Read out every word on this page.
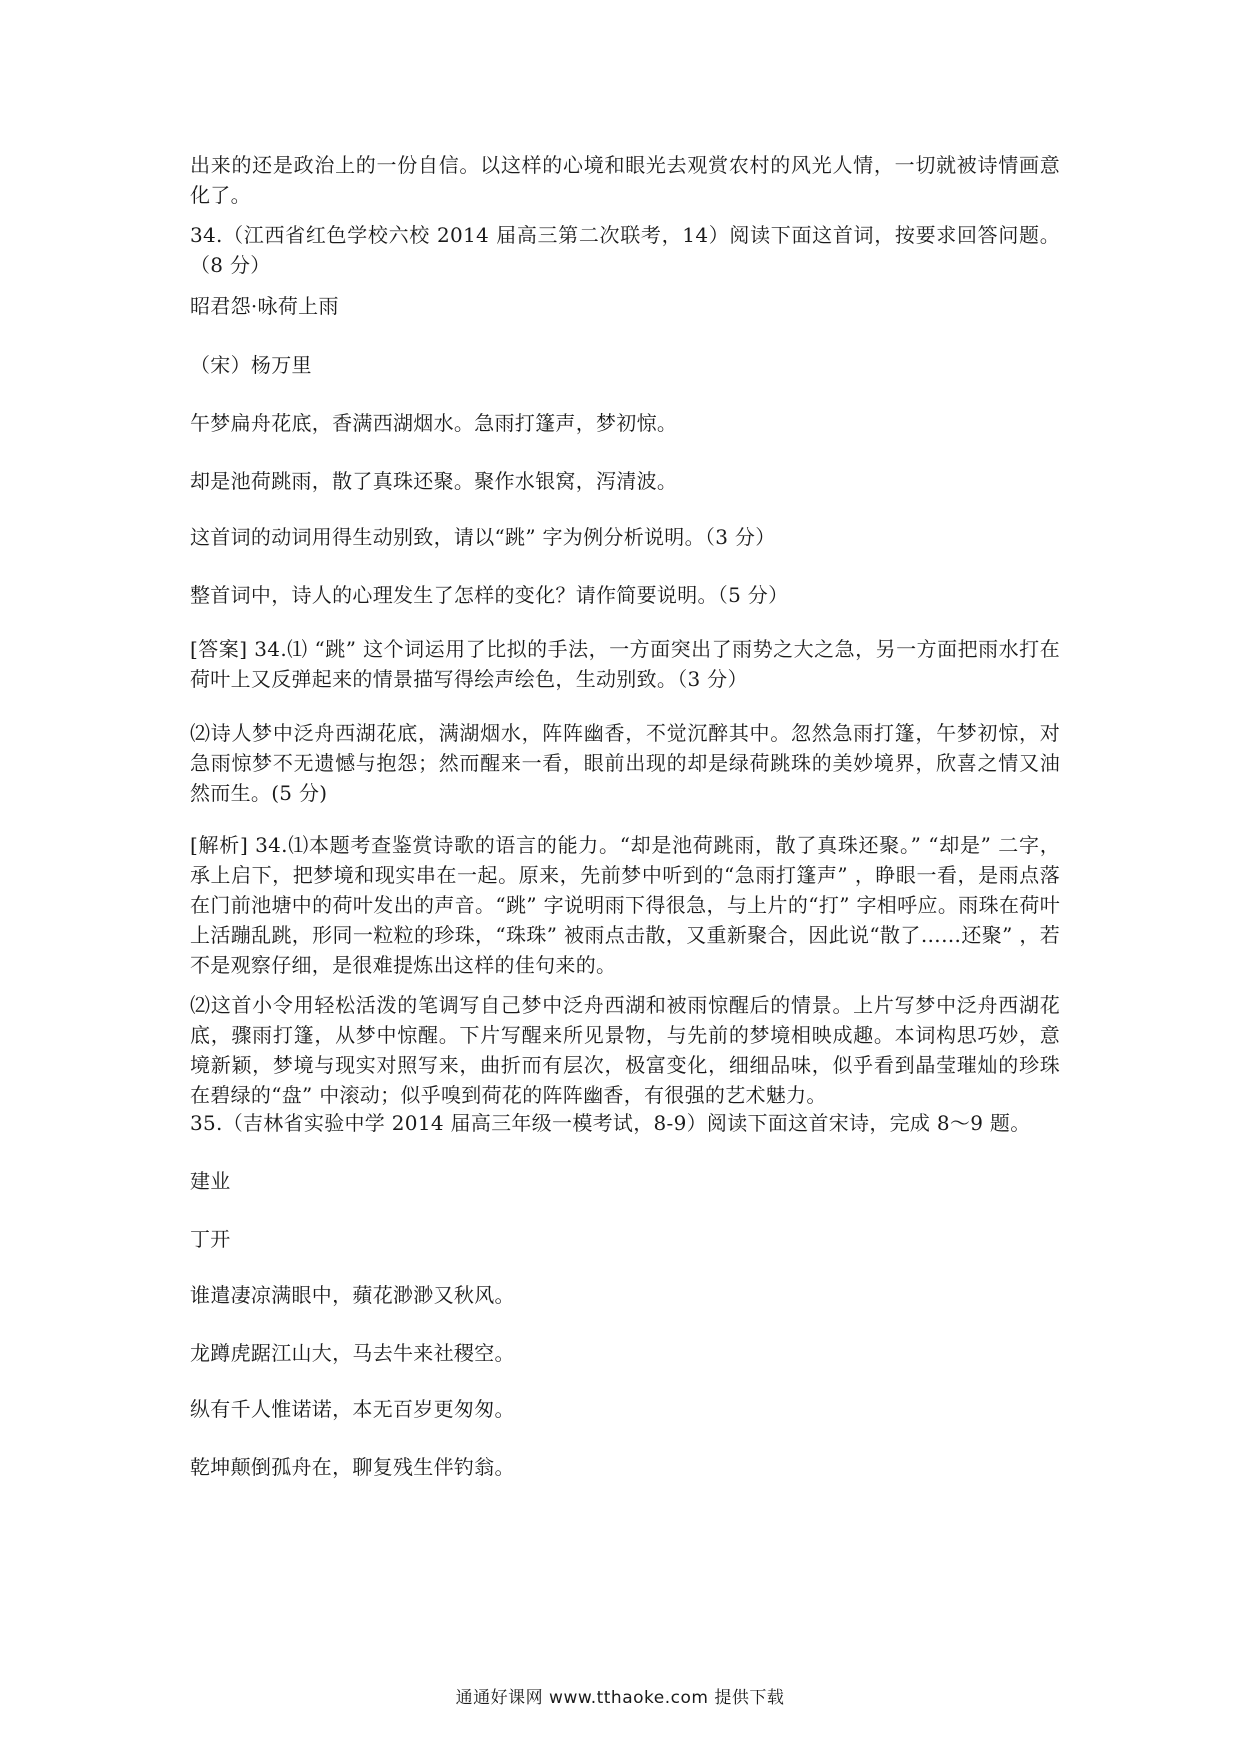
出来的还是政治上的一份自信。以这样的心境和眼光去观赏农村的风光人情，一切就被诗情画意化了。

34.（江西省红色学校六校 2014 届高三第二次联考，14）阅读下面这首词，按要求回答问题。（8 分）

昭君怨·咏荷上雨

（宋）杨万里

午梦扁舟花底，香满西湖烟水。急雨打篷声，梦初惊。

却是池荷跳雨，散了真珠还聚。聚作水银窝，泻清波。

这首词的动词用得生动别致，请以“跳” 字为例分析说明。（3 分）

整首词中，诗人的心理发生了怎样的变化？请作简要说明。（5 分）

[答案] 34.⑴ “跳” 这个词运用了比拟的手法，一方面突出了雨势之大之急，另一方面把雨水打在荷叶上又反弹起来的情景描写得绘声绘色，生动别致。（3 分）

⑵诗人梦中泛舟西湖花底，满湖烟水，阵阵幽香，不觉沉醉其中。忽然急雨打篷，午梦初惊，对急雨惊梦不无遗憾与抱怨；然而醒来一看，眼前出现的却是绿荷跳珠的美妙境界，欣喜之情又油然而生。(5 分)

[解析] 34.⑴本题考查鉴赏诗歌的语言的能力。“却是池荷跳雨，散了真珠还聚。” “却是” 二字，承上启下，把梦境和现实串在一起。原来，先前梦中听到的“急雨打篷声” ，睁眼一看，是雨点落在门前池塘中的荷叶发出的声音。“跳” 字说明雨下得很急，与上片的“打” 字相呼应。雨珠在荷叶上活蹦乱跳，形同一粒粒的珍珠，“珠珠” 被雨点击散，又重新聚合，因此说“散了……还聚” ，若不是观察仔细，是很难提炼出这样的佳句来的。

⑵这首小令用轻松活泼的笔调写自己梦中泛舟西湖和被雨惊醒后的情景。上片写梦中泛舟西湖花底，骤雨打篷，从梦中惊醒。下片写醒来所见景物，与先前的梦境相映成趣。本词构思巧妙，意境新颖，梦境与现实对照写来，曲折而有层次，极富变化，细细品味，似乎看到晶莹璀灿的珍珠在碧绿的“盘” 中滚动；似乎嗅到荷花的阵阵幽香，有很强的艺术魅力。

35.（吉林省实验中学 2014 届高三年级一模考试，8-9）阅读下面这首宋诗，完成 8～9 题。

建业

丁开

谁遣凄凉满眼中，蘋花渺渺又秋风。

龙蹲虎踞江山大，马去牛来社稷空。

纵有千人惟诺诺，本无百岁更匆匆。

乾坤颠倒孤舟在，聊复残生伴钓翁。

通通好课网 www.tthaoke.com 提供下载
